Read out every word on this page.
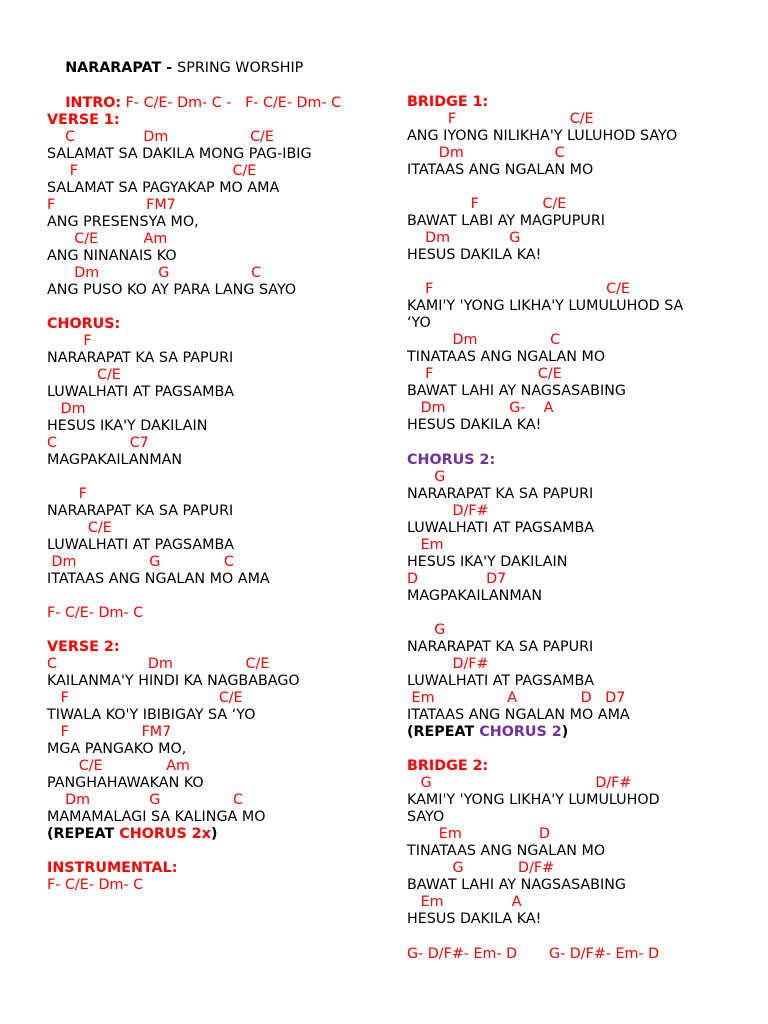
NARARAPAT - SPRING WORSHIP

INTRO: F- C/E- Dm- C -   F- C/E- Dm- C

VERSE 1:
C               Dm                  C/E
SALAMAT SA DAKILA MONG PAG-IBIG
F                                  C/E
SALAMAT SA PAGYAKAP MO AMA
F                    FM7
ANG PRESENSYA MO,
C/E          Am
ANG NINANAIS KO
Dm             G                  C
ANG PUSO KO AY PARA LANG SAYO
CHORUS:
F
NARARAPAT KA SA PAPURI
C/E
LUWALHATI AT PAGSAMBA
Dm
HESUS IKA'Y DAKILAIN
C                C7
MAGPAKAILANMAN
F
NARARAPAT KA SA PAPURI
C/E
LUWALHATI AT PAGSAMBA
Dm                G              C
ITATAAS ANG NGALAN MO AMA
F- C/E- Dm- C
VERSE 2:
C                    Dm                C/E
KAILANMA'Y HINDI KA NAGBABAGO
F                                 C/E
TIWALA KO'Y IBIBIGAY SA ‘YO
F                FM7
MGA PANGAKO MO,
C/E              Am
PANGHAHAWAKAN KO
Dm             G                C
MAMAMALAGI SA KALINGA MO
(REPEAT CHORUS 2x)
INSTRUMENTAL:
F- C/E- Dm- C
BRIDGE 1:
F                         C/E
ANG IYONG NILIKHA'Y LULUHOD SAYO
Dm                    C
ITATAAS ANG NGALAN MO
F              C/E
BAWAT LABI AY MAGPUPURI
Dm             G
HESUS DAKILA KA!
F                                      C/E
KAMI'Y 'YONG LIKHA'Y LUMULUHOD SA
‘YO
Dm                C
TINATAAS ANG NGALAN MO
F                       C/E
BAWAT LAHI AY NAGSASABING
Dm              G-    A
HESUS DAKILA KA!
CHORUS 2:
G
NARARAPAT KA SA PAPURI
D/F#
LUWALHATI AT PAGSAMBA
Em
HESUS IKA'Y DAKILAIN
D               D7
MAGPAKAILANMAN
G
NARARAPAT KA SA PAPURI
D/F#
LUWALHATI AT PAGSAMBA
Em                A              D   D7
ITATAAS ANG NGALAN MO AMA
(REPEAT CHORUS 2)
BRIDGE 2:
G                                    D/F#
KAMI'Y 'YONG LIKHA'Y LUMULUHOD
SAYO
Em                 D
TINATAAS ANG NGALAN MO
G            D/F#
BAWAT LAHI AY NAGSASABING
Em               A
HESUS DAKILA KA!
G- D/F#- Em- D       G- D/F#- Em- D
